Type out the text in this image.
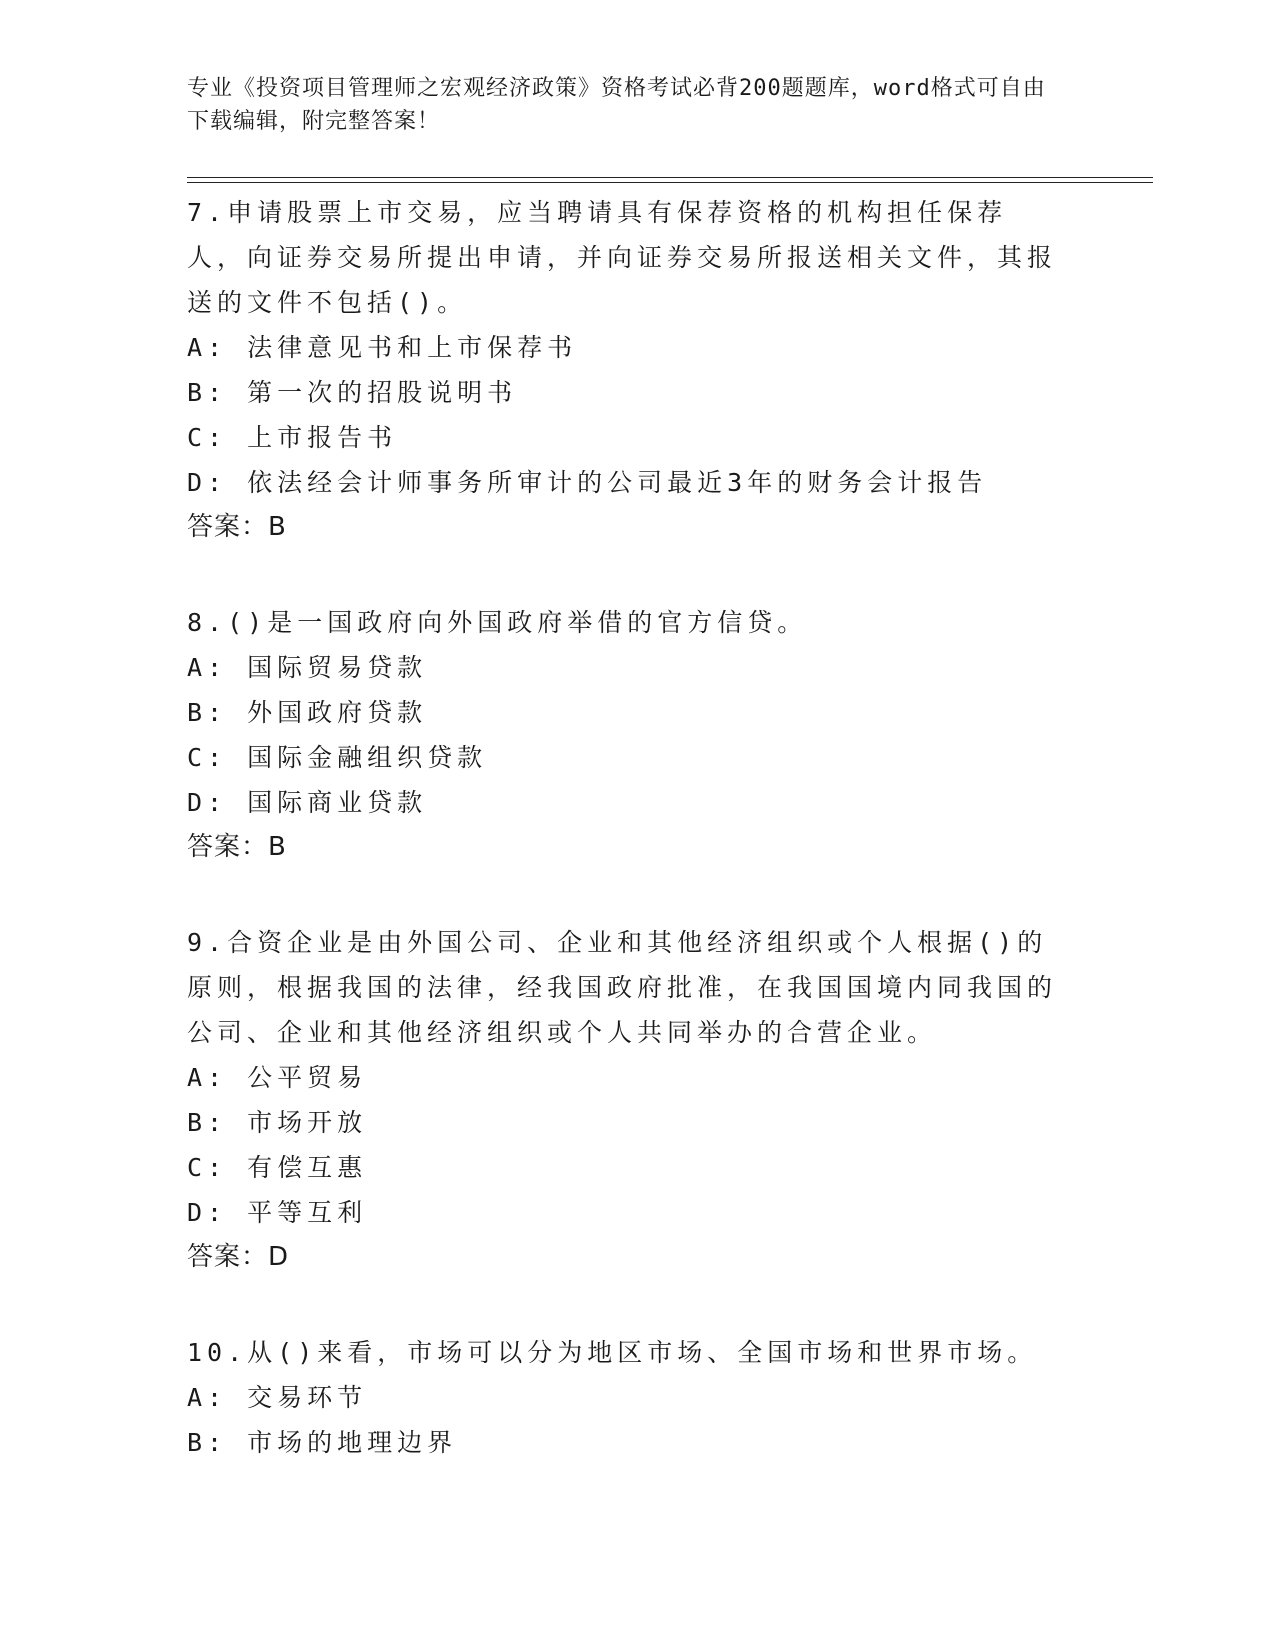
专业《投资项目管理师之宏观经济政策》资格考试必背200题题库，word格式可自由下载编辑，附完整答案！
7.申请股票上市交易，应当聘请具有保荐资格的机构担任保荐人，向证券交易所提出申请，并向证券交易所报送相关文件，其报送的文件不包括()。
A: 法律意见书和上市保荐书
B: 第一次的招股说明书
C: 上市报告书
D: 依法经会计师事务所审计的公司最近3年的财务会计报告
答案：B
8.()是一国政府向外国政府举借的官方信贷。
A: 国际贸易贷款
B: 外国政府贷款
C: 国际金融组织贷款
D: 国际商业贷款
答案：B
9.合资企业是由外国公司、企业和其他经济组织或个人根据()的原则，根据我国的法律，经我国政府批准，在我国国境内同我国的公司、企业和其他经济组织或个人共同举办的合营企业。
A: 公平贸易
B: 市场开放
C: 有偿互惠
D: 平等互利
答案：D
10.从()来看，市场可以分为地区市场、全国市场和世界市场。
A: 交易环节
B: 市场的地理边界
